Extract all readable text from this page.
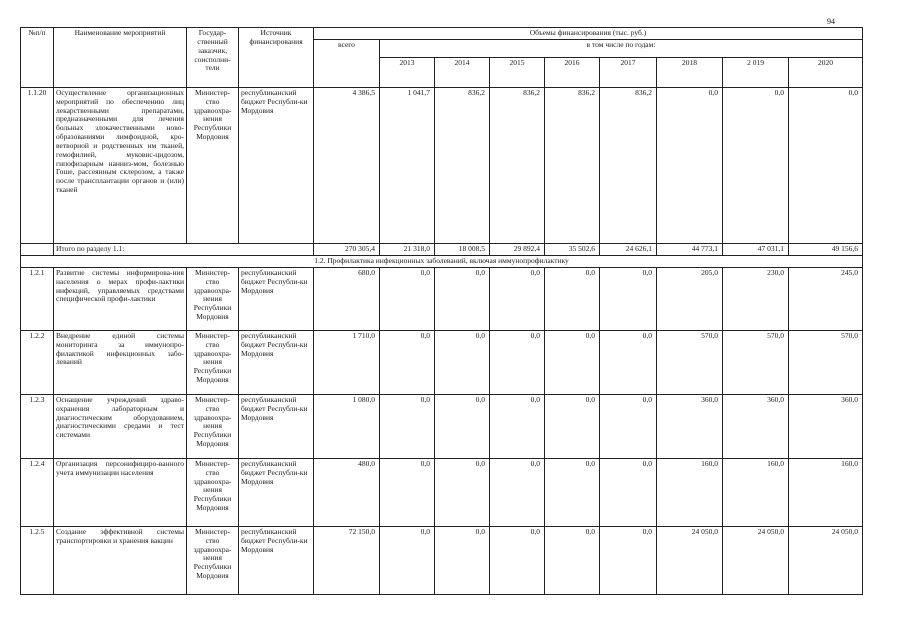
94
№п/п	Наименование мероприятий	Государ-ственный заказчик, соисполни-тели	Источник финансирования	Объемы финансирования (тыс. руб.)								
				всего	в том числе по годам:							
					2013	2014	2015	2016	2017	2018	2 019	2020
1.1.20	Осуществление организационных мероприятий по обеспечению лиц лекарственными препаратами, предназначенными для лечения больных злокачественными ново-образованиями лимфоидной, кро-ветворной и родственных им тканей, гемофилией, муковис-цидозом, гипофизарным нанниз-мом, болезнью Гоше, рассеянным склерозом, а также после трансплантации органов и (или) тканей	Министер-ство здравоохра-нения Республики Мордовия	республиканский бюджет Республи-ки Мордовия	4 386,5	1 041,7	836,2	836,2	836,2	836,2	0,0	0,0	0,0
	Итого по разделу 1.1:			270 305,4	21 318,0	18 008,5	29 892,4	35 502,6	24 626,1	44 773,1	47 031,1	49 156,6
1.2. Профилактика инфекционных заболеваний, включая иммунопрофилактику												
1.2.1	Развитие системы информирова-ния населения о мерах профи-лактики инфекций, управляемых средствами специфической профи-лактики	Министер-ство здравоохра-нения Республики Мордовия	республиканский бюджет Республи-ки Мордовия	680,0	0,0	0,0	0,0	0,0	0,0	205,0	230,0	245,0
1.2.2	Внедрение единой системы мониторинга за иммунопро-филактикой инфекционных забо-леваний	Министер-ство здравоохра-нения Республики Мордовия	республиканский бюджет Республи-ки Мордовия	1 710,0	0,0	0,0	0,0	0,0	0,0	570,0	570,0	570,0
1.2.3	Оснащение учреждений здраво-охранения лабораторным и диагностическим оборудованием, диагностическими средами и тест системами	Министер-ство здравоохра-нения Республики Мордовия	республиканский бюджет Республи-ки Мордовия	1 080,0	0,0	0,0	0,0	0,0	0,0	360,0	360,0	360,0
1.2.4	Организация персонифициро-ванного учета иммунизации населения	Министер-ство здравоохра-нения Республики Мордовия	республиканский бюджет Республи-ки Мордовия	480,0	0,0	0,0	0,0	0,0	0,0	160,0	160,0	160,0
1.2.5	Создание эффективной системы транспортировки и хранения вакцин	Министер-ство здравоохра-нения Республики Мордовия	республиканский бюджет Республи-ки Мордовия	72 150,0	0,0	0,0	0,0	0,0	0,0	24 050,0	24 050,0	24 050,0
